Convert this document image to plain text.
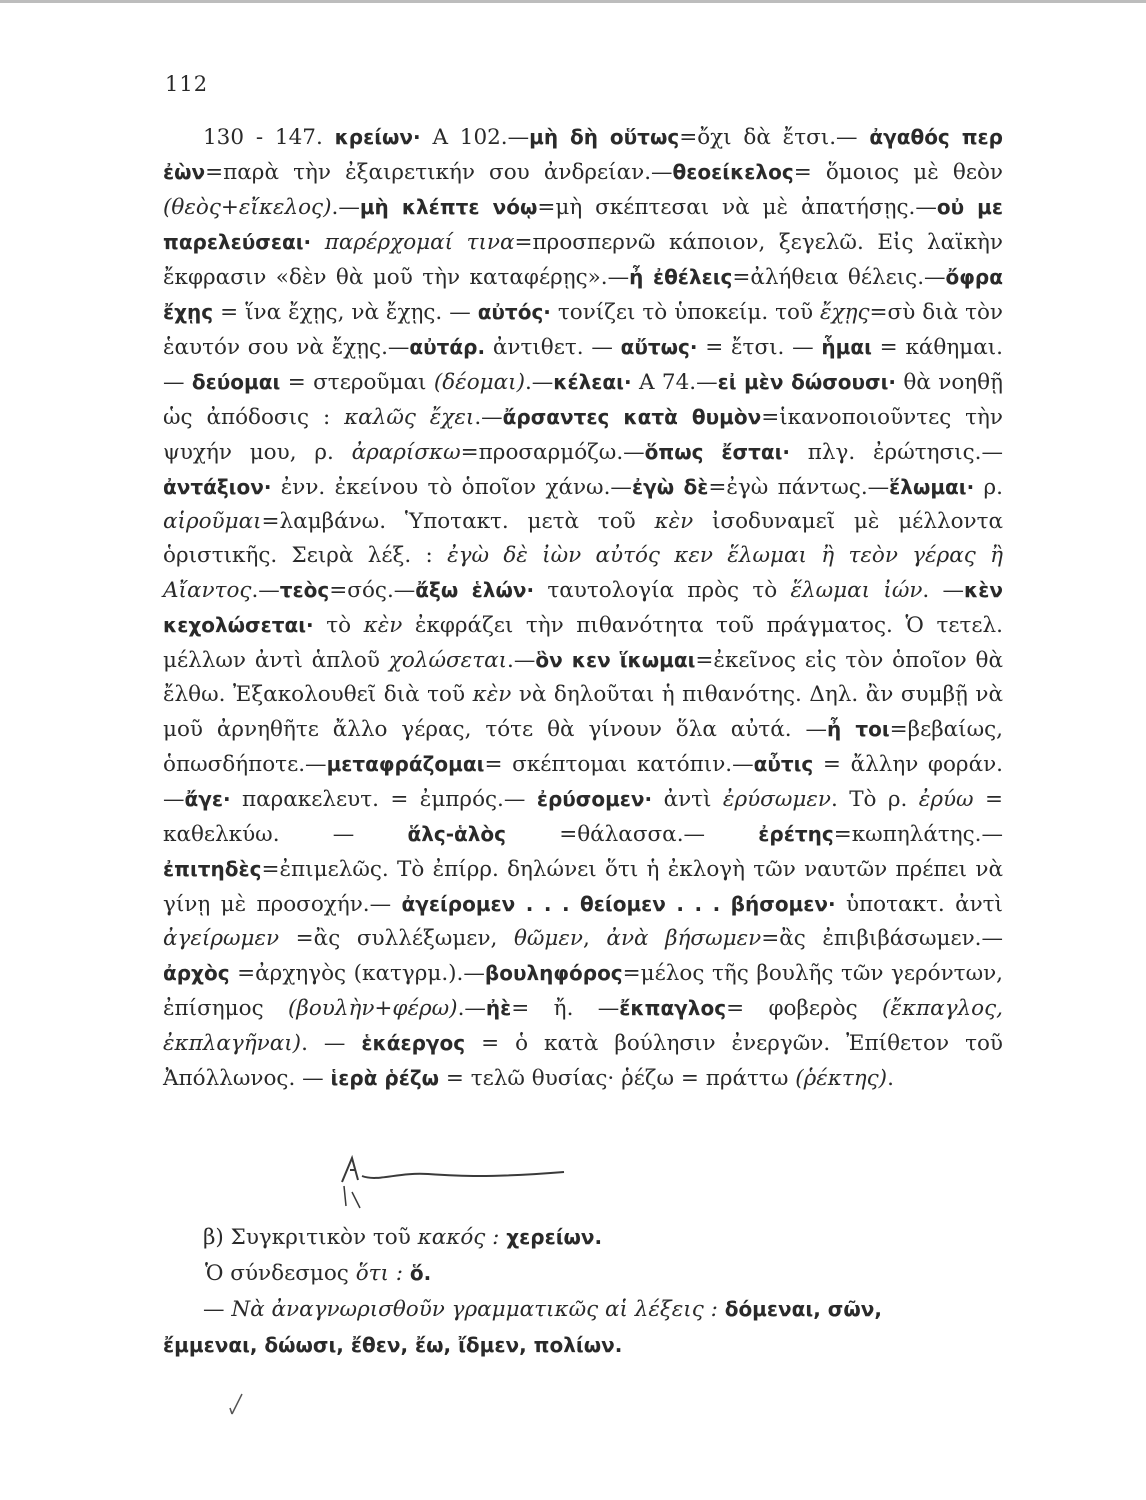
112

130 - 147. κρείων· Α 102.—μὴ δὴ οὕτως=ὄχι δὰ ἔτσι.— ἀγαθός περ ἐὼν=παρὰ τὴν ἐξαιρετικήν σου ἀνδρείαν.—θεοείκελος= ὅμοιος μὲ θεὸν (θεὸς+εἴκελος).—μὴ κλέπτε νόῳ=μὴ σκέπτεσαι νὰ μὲ ἀπατήσῃς.—οὐ με παρελεύσεαι· παρέρχομαί τινα=προσπερνῶ κάποιον, ξεγελῶ. Εἰς λαϊκὴν ἔκφρασιν «δὲν θὰ μοῦ τὴν καταφέρῃς».—ἦ ἐθέλεις=ἀλήθεια θέλεις.—ὄφρα ἔχῃς = ἵνα ἔχῃς, νὰ ἔχῃς. — αὐτός· τονίζει τὸ ὑποκείμ. τοῦ ἔχῃς=σὺ διὰ τὸν ἑαυτόν σου νὰ ἔχῃς.—αὐτάρ. ἀντιθετ. — αὔτως· = ἔτσι. — ἧμαι = κάθημαι. — δεύομαι = στεροῦμαι (δέομαι).—κέλεαι· Α 74.—εἰ μὲν δώσουσι· θὰ νοηθῇ ὡς ἀπόδοσις : καλῶς ἔχει.—ἄρσαντες κατὰ θυμὸν=ἱκανοποιοῦντες τὴν ψυχήν μου, ρ. ἀραρίσκω=προσαρμόζω.—ὅπως ἔσται· πλγ. ἐρώτησις.—ἀντάξιον· ἐνν. ἐκείνου τὸ ὁποῖον χάνω.—ἐγὼ δὲ=ἐγὼ πάντως.—ἕλωμαι· ρ. αἱροῦμαι=λαμβάνω. Ὑποτακτ. μετὰ τοῦ κὲν ἰσοδυναμεῖ μὲ μέλλοντα ὁριστικῆς. Σειρὰ λέξ. : ἐγὼ δὲ ἰὼν αὐτός κεν ἕλωμαι ἢ τεὸν γέρας ἢ Αἴαντος.—τεὸς=σός.—ἄξω ἑλών· ταυτολογία πρὸς τὸ ἕλωμαι ἰών. —κὲν κεχολώσεται· τὸ κὲν ἐκφράζει τὴν πιθανότητα τοῦ πράγματος. Ὁ τετελ. μέλλων ἀντὶ ἁπλοῦ χολώσεται.—ὃν κεν ἵκωμαι=ἐκεῖνος εἰς τὸν ὁποῖον θὰ ἔλθω. Ἐξακολουθεῖ διὰ τοῦ κὲν νὰ δηλοῦται ἡ πιθανότης. Δηλ. ἂν συμβῇ νὰ μοῦ ἀρνηθῆτε ἄλλο γέρας, τότε θὰ γίνουν ὅλα αὐτά. —ἦ τοι=βεβαίως, ὁπωσδήποτε.—μεταφράζομαι= σκέπτομαι κατόπιν.—αὖτις = ἄλλην φοράν.—ἄγε· παρακελευτ. = ἐμπρός.— ἐρύσομεν· ἀντὶ ἐρύσωμεν. Τὸ ρ. ἐρύω = καθελκύω. — ἅλς-ἁλὸς =θάλασσα.— ἐρέτης=κωπηλάτης.— ἐπιτηδὲς=ἐπιμελῶς. Τὸ ἐπίρρ. δηλώνει ὅτι ἡ ἐκλογὴ τῶν ναυτῶν πρέπει νὰ γίνῃ μὲ προσοχήν.— ἀγείρομεν . . . θείομεν . . . βήσομεν· ὑποτακτ. ἀντὶ ἀγείρωμεν =ἂς συλλέξωμεν, θῶμεν, ἀνὰ βήσωμεν=ἂς ἐπιβιβάσωμεν.—ἀρχὸς =ἀρχηγὸς (κατγρμ.).—βουληφόρος=μέλος τῆς βουλῆς τῶν γερόντων, ἐπίσημος (βουλὴν+φέρω).—ἠὲ= ἤ. —ἔκπαγλος= φοβερὸς (ἔκπαγλος, ἐκπλαγῆναι). — ἑκάεργος = ὁ κατὰ βούλησιν ἐνεργῶν. Ἐπίθετον τοῦ Ἀπόλλωνος. — ἱερὰ ῥέζω = τελῶ θυσίας· ῥέζω = πράττω (ῥέκτης).

β) Συγκριτικὸν τοῦ κακός : χερείων.

Ὁ σύνδεσμος ὅτι : ὅ.

— Νὰ ἀναγνωρισθοῦν γραμματικῶς αἱ λέξεις : δόμεναι, σῶν,

ἔμμεναι, δώωσι, ἔθεν, ἔω, ἴδμεν, πολίων.
